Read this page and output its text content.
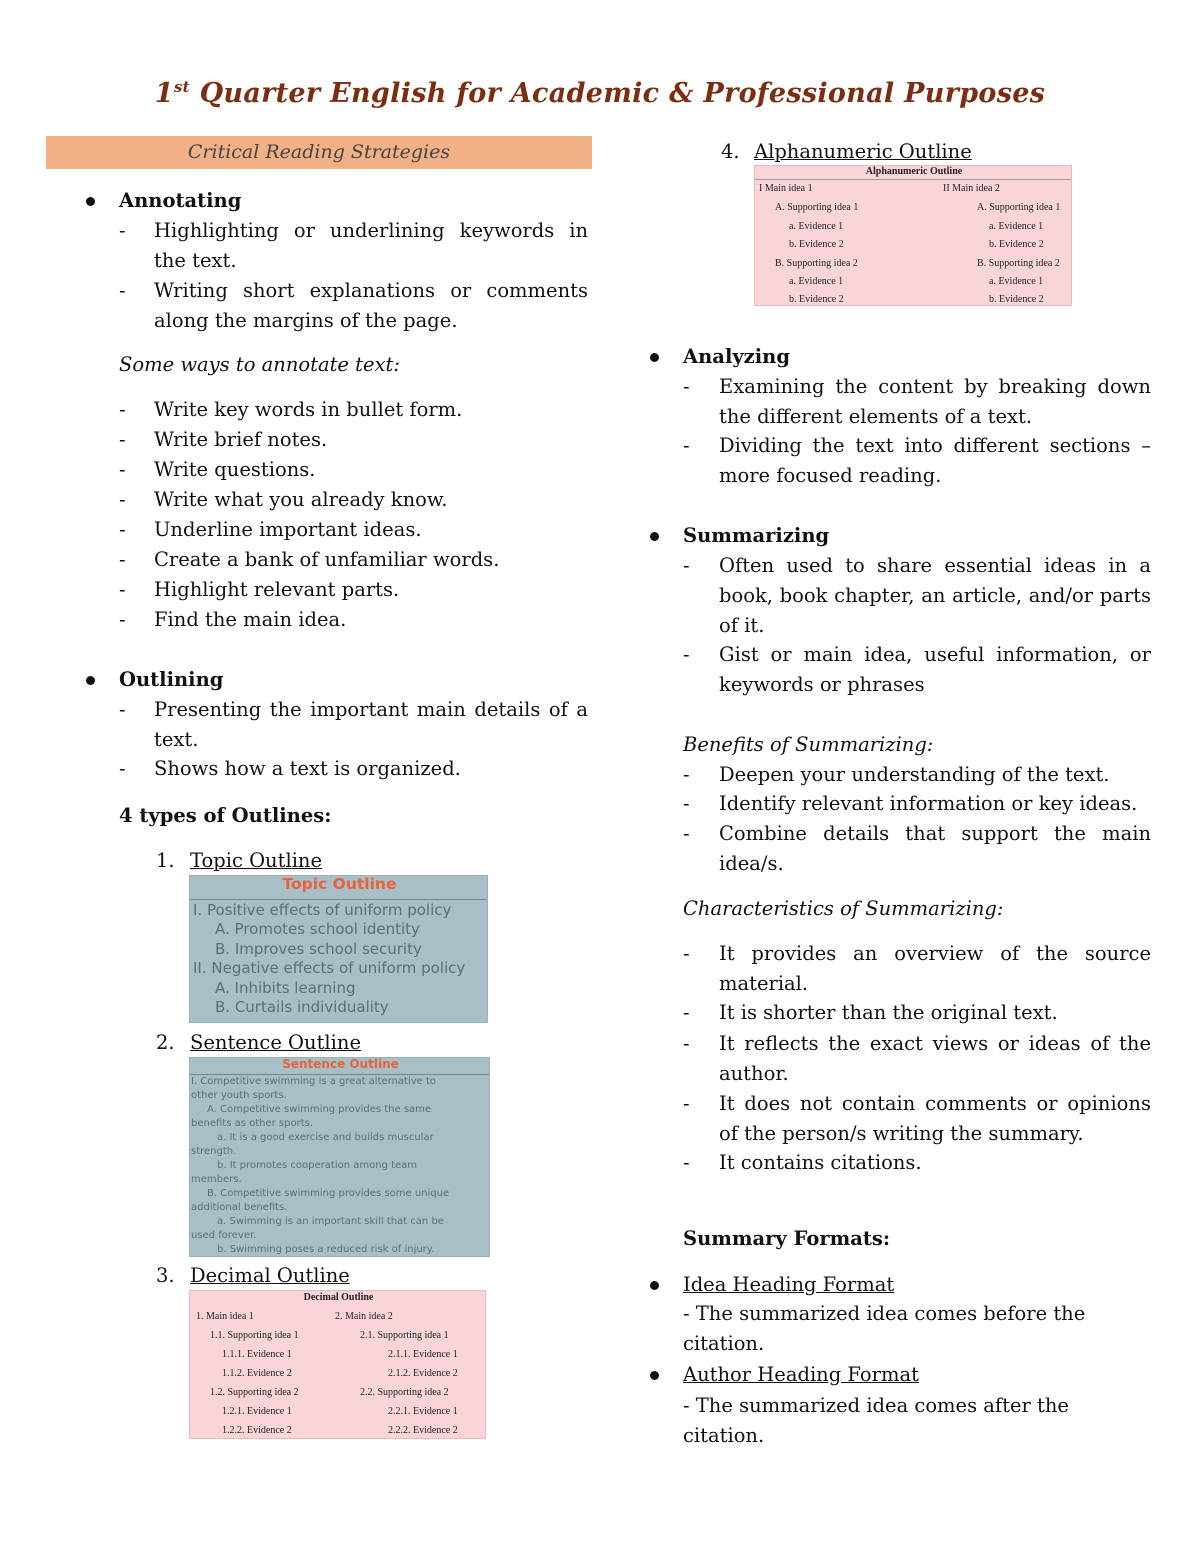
1st Quarter English for Academic & Professional Purposes
Critical Reading Strategies
Annotating
- Highlighting or underlining keywords in the text.
- Writing short explanations or comments along the margins of the page.
Some ways to annotate text:
- Write key words in bullet form.
- Write brief notes.
- Write questions.
- Write what you already know.
- Underline important ideas.
- Create a bank of unfamiliar words.
- Highlight relevant parts.
- Find the main idea.
Outlining
- Presenting the important main details of a text.
- Shows how a text is organized.
4 types of Outlines:
1. Topic Outline
Topic Outline
I. Positive effects of uniform policy
A. Promotes school identity
B. Improves school security
II. Negative effects of uniform policy
A. Inhibits learning
B. Curtails individuality
2. Sentence Outline
Sentence Outline
I. Competitive swimming is a great alternative to
other youth sports.
A. Competitive swimming provides the same
benefits as other sports.
a. It is a good exercise and builds muscular
strength.
b. It promotes cooperation among team
members.
B. Competitive swimming provides some unique
additional benefits.
a. Swimming is an important skill that can be
used forever.
b. Swimming poses a reduced risk of injury.
3. Decimal Outline
Decimal Outline
1. Main idea 1
1.1. Supporting idea 1
1.1.1. Evidence 1
1.1.2. Evidence 2
1.2. Supporting idea 2
1.2.1. Evidence 1
1.2.2. Evidence 2
2. Main idea 2
2.1. Supporting idea 1
2.1.1. Evidence 1
2.1.2. Evidence 2
2.2. Supporting idea 2
2.2.1. Evidence 1
2.2.2. Evidence 2
4. Alphanumeric Outline
Alphanumeric Outline
I Main idea 1
A. Supporting idea 1
a. Evidence 1
b. Evidence 2
B. Supporting idea 2
a. Evidence 1
b. Evidence 2
II Main idea 2
A. Supporting idea 1
a. Evidence 1
b. Evidence 2
B. Supporting idea 2
a. Evidence 1
b. Evidence 2
Analyzing
- Examining the content by breaking down the different elements of a text.
- Dividing the text into different sections – more focused reading.
Summarizing
- Often used to share essential ideas in a book, book chapter, an article, and/or parts of it.
- Gist or main idea, useful information, or keywords or phrases
Benefits of Summarizing:
- Deepen your understanding of the text.
- Identify relevant information or key ideas.
- Combine details that support the main idea/s.
Characteristics of Summarizing:
- It provides an overview of the source material.
- It is shorter than the original text.
- It reflects the exact views or ideas of the author.
- It does not contain comments or opinions of the person/s writing the summary.
- It contains citations.
Summary Formats:
Idea Heading Format
- The summarized idea comes before the citation.
Author Heading Format
- The summarized idea comes after the citation.
